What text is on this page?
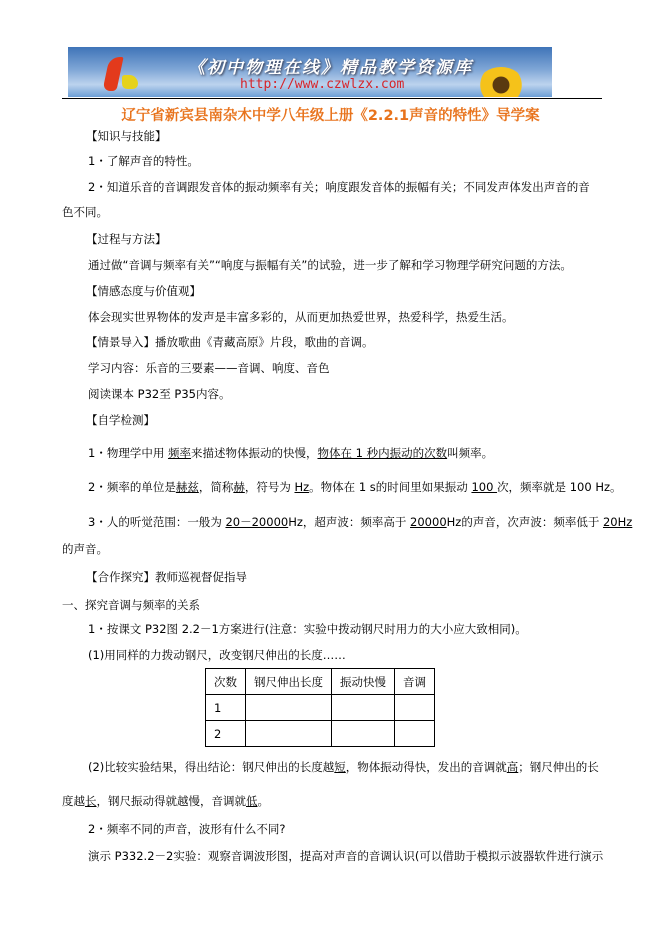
《初中物理在线》精品教学资源库
http://www.czwlzx.com
辽宁省新宾县南杂木中学八年级上册《2.2.1声音的特性》导学案
【知识与技能】
1・了解声音的特性。
2・知道乐音的音调跟发音体的振动频率有关；响度跟发音体的振幅有关；不同发声体发出声音的音
色不同。
【过程与方法】
通过做“音调与频率有关”“响度与振幅有关”的试验，进一步了解和学习物理学研究问题的方法。
【情感态度与价值观】
体会现实世界物体的发声是丰富多彩的，从而更加热爱世界，热爱科学，热爱生活。
【情景导入】播放歌曲《青藏高原》片段，歌曲的音调。
学习内容：乐音的三要素——音调、响度、音色
阅读课本 P32至 P35内容。
【自学检测】
1・物理学中用 频率来描述物体振动的快慢，物体在 1 秒内振动的次数叫频率。
2・频率的单位是赫兹，简称赫，符号为 Hz。物体在 1 s的时间里如果振动 100 次，频率就是 100 Hz。
3・人的听觉范围：一般为 20－20000Hz，超声波：频率高于 20000Hz的声音，次声波：频率低于 20Hz
的声音。
【合作探究】教师巡视督促指导
一、探究音调与频率的关系
1・按课文 P32图 2.2－1方案进行(注意：实验中拨动钢尺时用力的大小应大致相同)。
(1)用同样的力拨动钢尺，改变钢尺伸出的长度……
次数	钢尺伸出长度	振动快慢	音调
1			
2			
(2)比较实验结果，得出结论：钢尺伸出的长度越短，物体振动得快，发出的音调就高；钢尺伸出的长
度越长，钢尺振动得就越慢，音调就低。
2・频率不同的声音，波形有什么不同?
演示 P332.2－2实验：观察音调波形图，提高对声音的音调认识(可以借助于模拟示波器软件进行演示
